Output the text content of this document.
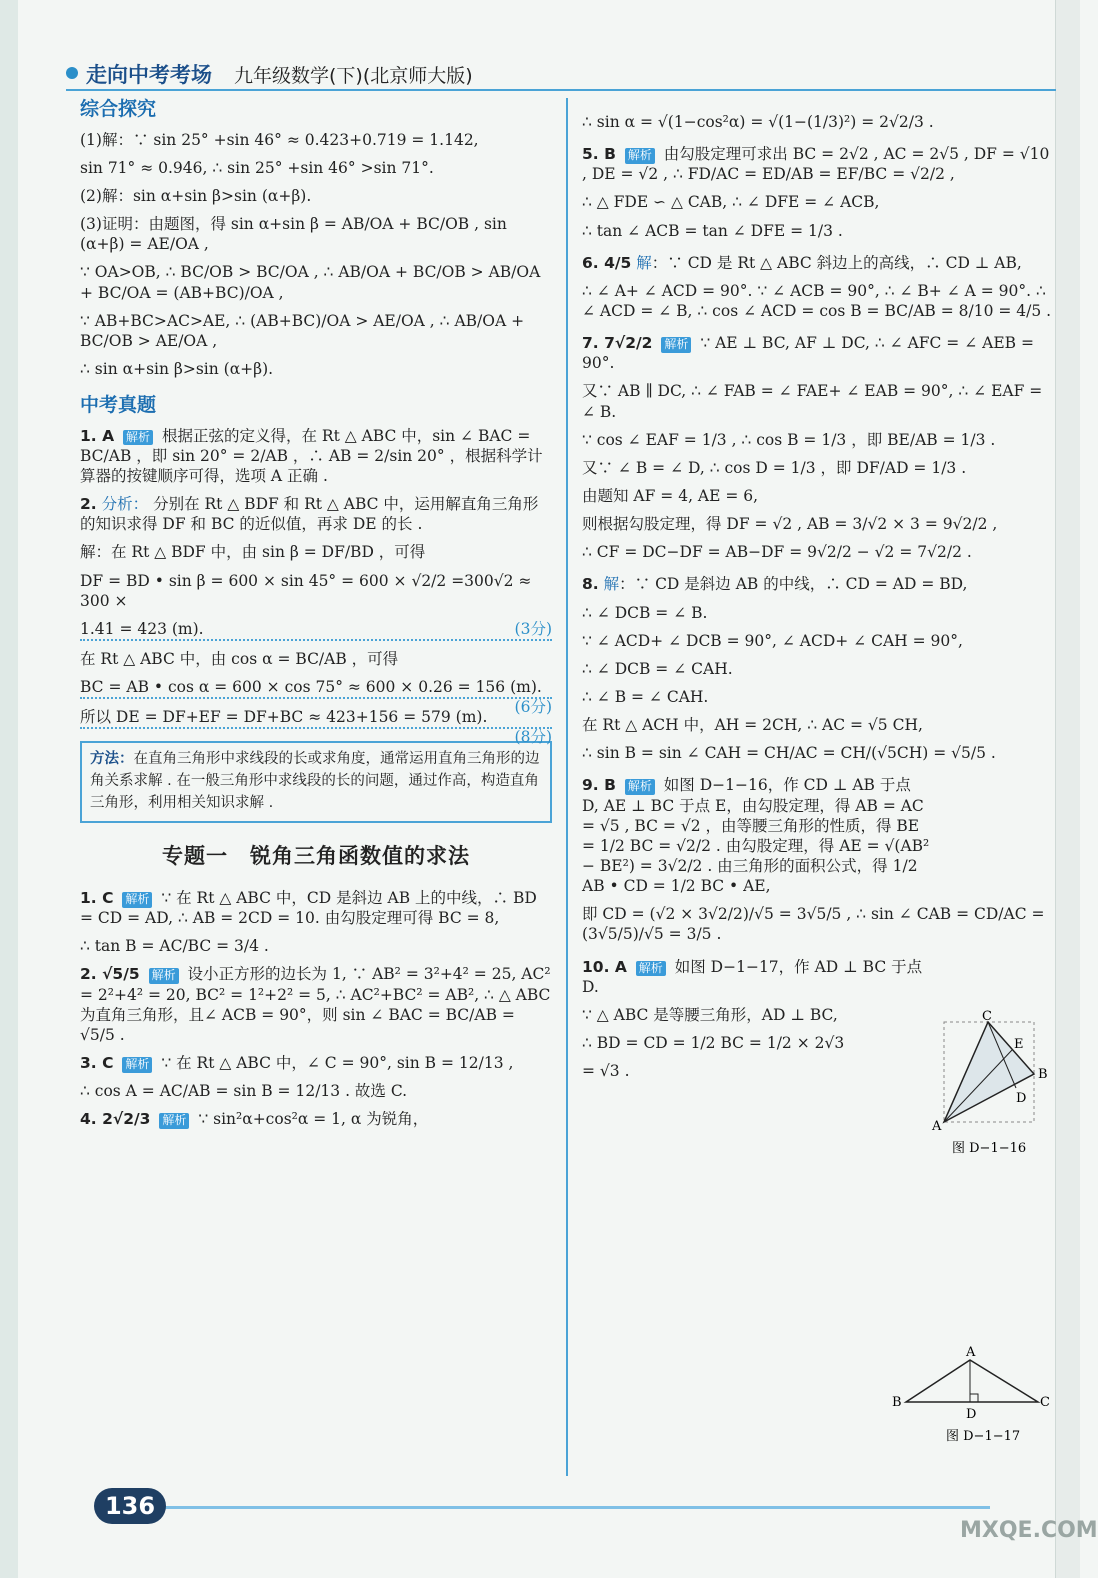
走向中考考场 九年级数学(下)(北京师大版)
综合探究
(1)解：∵ sin 25° +sin 46° ≈ 0.423+0.719 = 1.142,
sin 71° ≈ 0.946, ∴ sin 25° +sin 46° >sin 71°.
(2)解：sin α+sin β>sin (α+β).
(3)证明：由题图，得 sin α+sin β = AB/OA + BC/OB , sin (α+β) = AE/OA ,
∵ OA>OB, ∴ BC/OB > BC/OA , ∴ AB/OA + BC/OB > AB/OA + BC/OA = (AB+BC)/OA ,
∵ AB+BC>AC>AE, ∴ (AB+BC)/OA > AE/OA , ∴ AB/OA + BC/OB > AE/OA ,
∴ sin α+sin β>sin (α+β).
中考真题
1. A 解析 根据正弦的定义得，在 Rt △ ABC 中，sin ∠ BAC = BC/AB ，即 sin 20° = 2/AB ，∴ AB = 2/sin 20° ，根据科学计算器的按键顺序可得，选项 A 正确 .
2. 分析： 分别在 Rt △ BDF 和 Rt △ ABC 中，运用解直角三角形的知识求得 DF 和 BC 的近似值，再求 DE 的长 .
解：在 Rt △ BDF 中，由 sin β = DF/BD ，可得
DF = BD • sin β = 600 × sin 45° = 600 × √2/2 =300√2 ≈ 300 ×
1.41 = 423 (m).	(3分)
在 Rt △ ABC 中，由 cos α = BC/AB ，可得
BC = AB • cos α = 600 × cos 75° ≈ 600 × 0.26 = 156 (m).
(6分)
所以 DE = DF+EF = DF+BC ≈ 423+156 = 579 (m).
(8分)
方法：在直角三角形中求线段的长或求角度，通常运用直角三角形的边角关系求解 . 在一般三角形中求线段的长的问题，通过作高，构造直角三角形，利用相关知识求解 .
专题一　锐角三角函数值的求法
1. C 解析 ∵ 在 Rt △ ABC 中，CD 是斜边 AB 上的中线，∴ BD = CD = AD, ∴ AB = 2CD = 10. 由勾股定理可得 BC = 8,
∴ tan B = AC/BC = 3/4 .
2. √5/5 解析 设小正方形的边长为 1, ∵ AB² = 3²+4² = 25, AC² = 2²+4² = 20, BC² = 1²+2² = 5, ∴ AC²+BC² = AB², ∴ △ ABC 为直角三角形，且∠ ACB = 90°，则 sin ∠ BAC = BC/AB = √5/5 .
3. C 解析 ∵ 在 Rt △ ABC 中，∠ C = 90°, sin B = 12/13 ,
∴ cos A = AC/AB = sin B = 12/13 . 故选 C.
4. 2√2/3 解析 ∵ sin²α+cos²α = 1, α 为锐角，
∴ sin α = √(1−cos²α) = √(1−(1/3)²) = 2√2/3 .
5. B 解析 由勾股定理可求出 BC = 2√2 , AC = 2√5 , DF = √10 , DE = √2 , ∴ FD/AC = ED/AB = EF/BC = √2/2 ,
∴ △ FDE ∽ △ CAB, ∴ ∠ DFE = ∠ ACB,
∴ tan ∠ ACB = tan ∠ DFE = 1/3 .
6. 4/5 解：∵ CD 是 Rt △ ABC 斜边上的高线，∴ CD ⊥ AB,
∴ ∠ A+ ∠ ACD = 90°. ∵ ∠ ACB = 90°, ∴ ∠ B+ ∠ A = 90°. ∴ ∠ ACD = ∠ B, ∴ cos ∠ ACD = cos B = BC/AB = 8/10 = 4/5 .
7. 7√2/2 解析 ∵ AE ⊥ BC, AF ⊥ DC, ∴ ∠ AFC = ∠ AEB = 90°.
又∵ AB ∥ DC, ∴ ∠ FAB = ∠ FAE+ ∠ EAB = 90°, ∴ ∠ EAF = ∠ B.
∵ cos ∠ EAF = 1/3 , ∴ cos B = 1/3 ，即 BE/AB = 1/3 .
又∵ ∠ B = ∠ D, ∴ cos D = 1/3 ，即 DF/AD = 1/3 .
由题知 AF = 4, AE = 6,
则根据勾股定理，得 DF = √2 , AB = 3/√2 × 3 = 9√2/2 ,
∴ CF = DC−DF = AB−DF = 9√2/2 − √2 = 7√2/2 .
8. 解：∵ CD 是斜边 AB 的中线，∴ CD = AD = BD,
∴ ∠ DCB = ∠ B.
∵ ∠ ACD+ ∠ DCB = 90°, ∠ ACD+ ∠ CAH = 90°,
∴ ∠ DCB = ∠ CAH.
∴ ∠ B = ∠ CAH.
在 Rt △ ACH 中，AH = 2CH, ∴ AC = √5 CH,
∴ sin B = sin ∠ CAH = CH/AC = CH/(√5CH) = √5/5 .
9. B 解析 如图 D−1−16，作 CD ⊥ AB 于点 D, AE ⊥ BC 于点 E，由勾股定理，得 AB = AC = √5 , BC = √2 ，由等腰三角形的性质，得 BE = 1/2 BC = √2/2 . 由勾股定理，得 AE = √(AB² − BE²) = 3√2/2 . 由三角形的面积公式，得 1/2 AB • CD = 1/2 BC • AE,
即 CD = (√2 × 3√2/2)/√5 = 3√5/5 , ∴ sin ∠ CAB = CD/AC = (3√5/5)/√5 = 3/5 .
10. A 解析 如图 D−1−17，作 AD ⊥ BC 于点 D.
∵ △ ABC 是等腰三角形，AD ⊥ BC,
∴ BD = CD = 1/2 BC = 1/2 × 2√3
= √3 .
C
E
B
D
A
图 D−1−16
A
B	C
D
图 D−1−17
136
MXQE.COM
